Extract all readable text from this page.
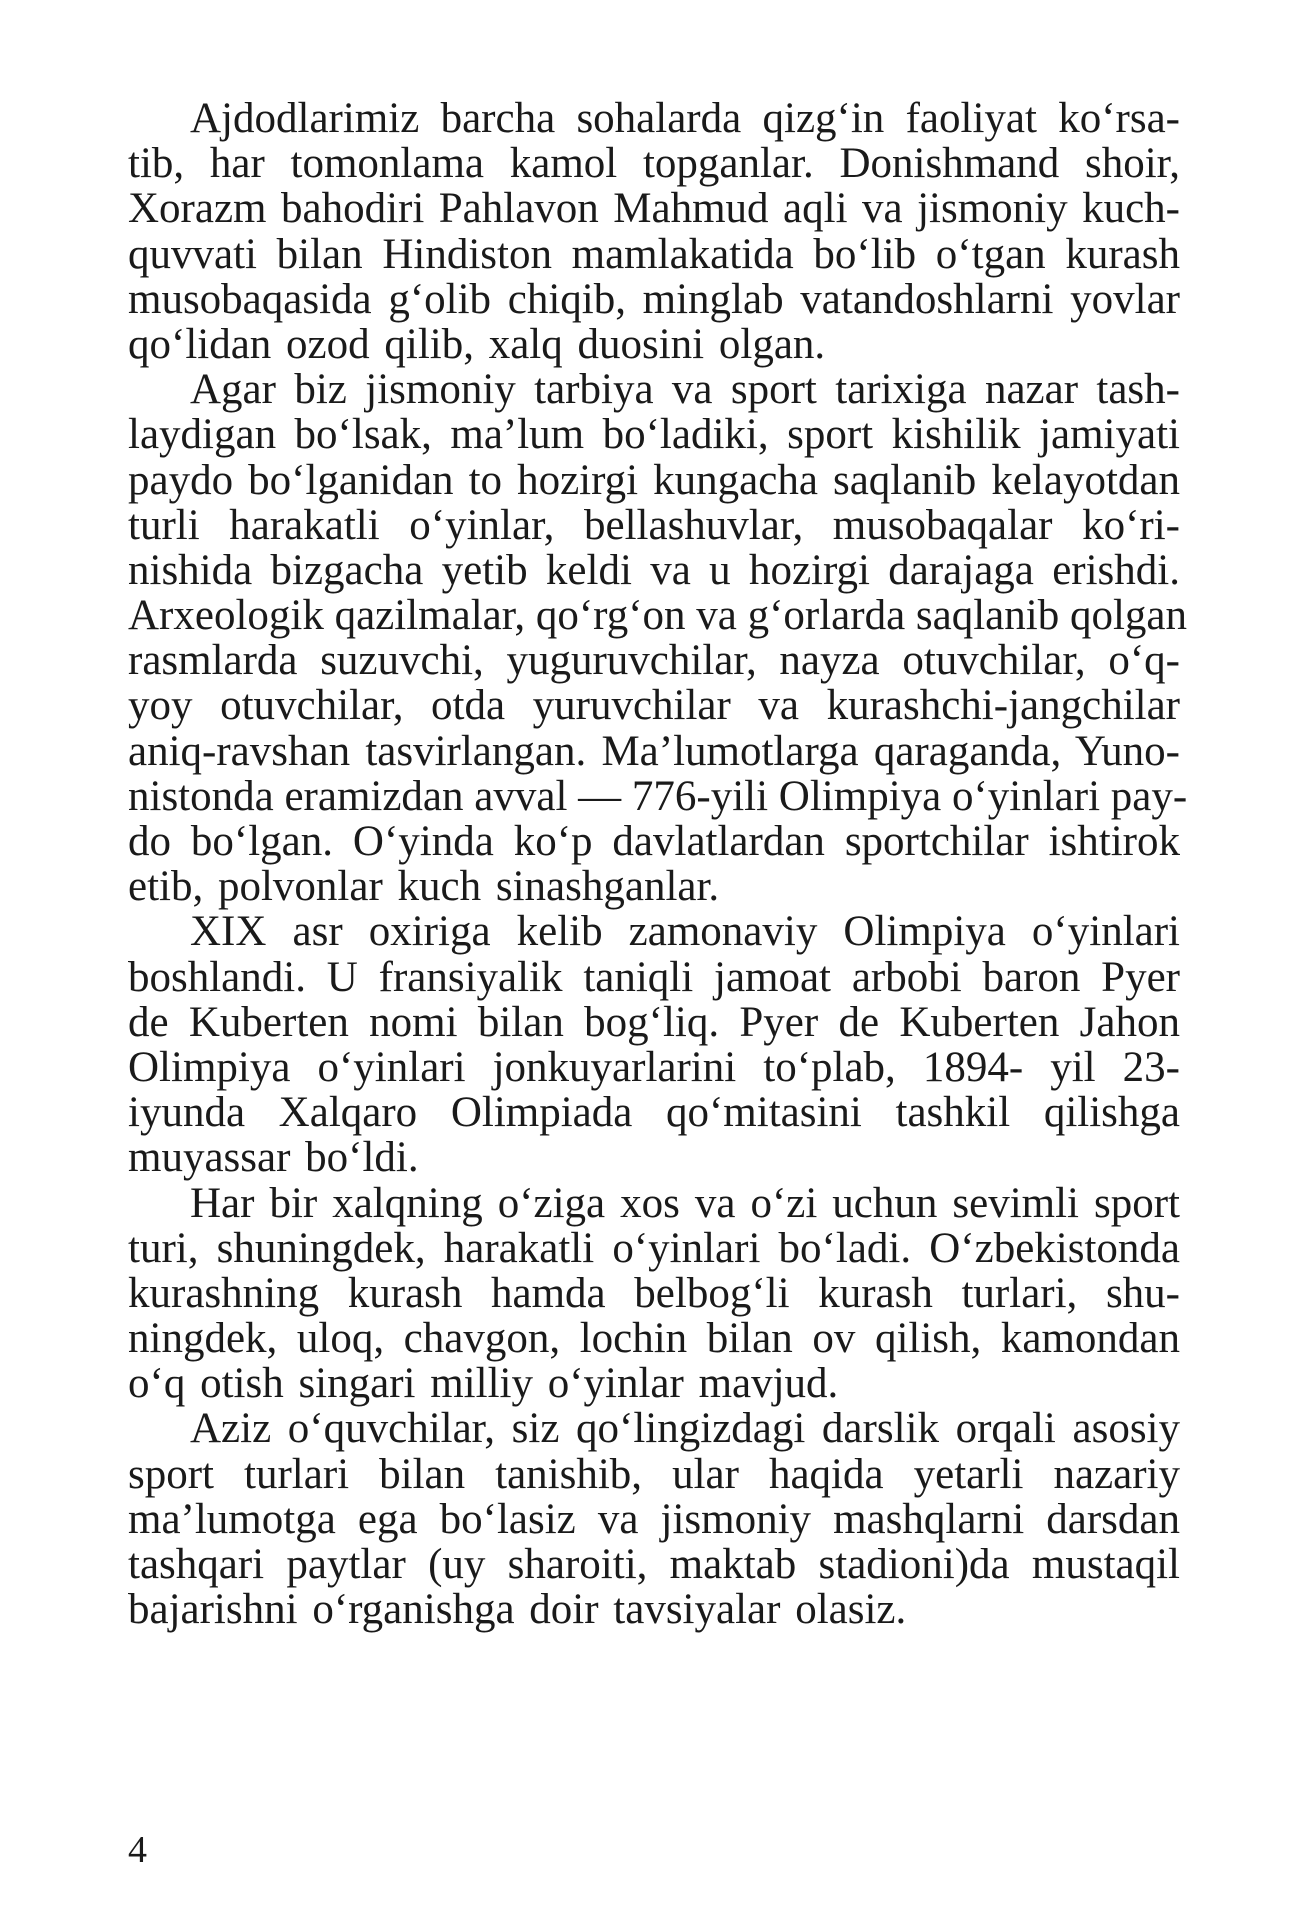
Ajdodlarimiz barcha sohalarda qizg‘in faoliyat ko‘rsa-
tib, har tomonlama kamol topganlar. Donishmand shoir,
Xorazm bahodiri Pahlavon Mahmud aqli va jismoniy kuch-
quvvati bilan Hindiston mamlakatida bo‘lib o‘tgan kurash
musobaqasida g‘olib chiqib, minglab vatandoshlarni yovlar
qo‘lidan ozod qilib, xalq duosini olgan.
Agar biz jismoniy tarbiya va sport tarixiga nazar tash-
laydigan bo‘lsak, ma’lum bo‘ladiki, sport kishilik jamiyati
paydo bo‘lganidan to hozirgi kungacha saqlanib kelayotdan
turli harakatli o‘yinlar, bellashuvlar, musobaqalar ko‘ri-
nishida bizgacha yetib keldi va u hozirgi darajaga erishdi.
Arxeologik qazilmalar, qo‘rg‘on va g‘orlarda saqlanib qolgan
rasmlarda suzuvchi, yuguruvchilar, nayza otuvchilar, o‘q-
yoy otuvchilar, otda yuruvchilar va kurashchi-jangchilar
aniq-ravshan tasvirlangan. Ma’lumotlarga qaraganda, Yuno-
nistonda eramizdan avval — 776-yili Olimpiya o‘yinlari pay-
do bo‘lgan. O‘yinda ko‘p davlatlardan sportchilar ishtirok
etib, polvonlar kuch sinashganlar.
XIX asr oxiriga kelib zamonaviy Olimpiya o‘yinlari
boshlandi. U fransiyalik taniqli jamoat arbobi baron Pyer
de Kuberten nomi bilan bog‘liq. Pyer de Kuberten Jahon
Olimpiya o‘yinlari jonkuyarlarini to‘plab, 1894- yil 23-
iyunda Xalqaro Olimpiada qo‘mitasini tashkil qilishga
muyassar bo‘ldi.
Har bir xalqning o‘ziga xos va o‘zi uchun sevimli sport
turi, shuningdek, harakatli o‘yinlari bo‘ladi. O‘zbekistonda
kurashning kurash hamda belbog‘li kurash turlari, shu-
ningdek, uloq, chavgon, lochin bilan ov qilish, kamondan
o‘q otish singari milliy o‘yinlar mavjud.
Aziz o‘quvchilar, siz qo‘lingizdagi darslik orqali asosiy
sport turlari bilan tanishib, ular haqida yetarli nazariy
ma’lumotga ega bo‘lasiz va jismoniy mashqlarni darsdan
tashqari paytlar (uy sharoiti, maktab stadioni)da mustaqil
bajarishni o‘rganishga doir tavsiyalar olasiz.
4
